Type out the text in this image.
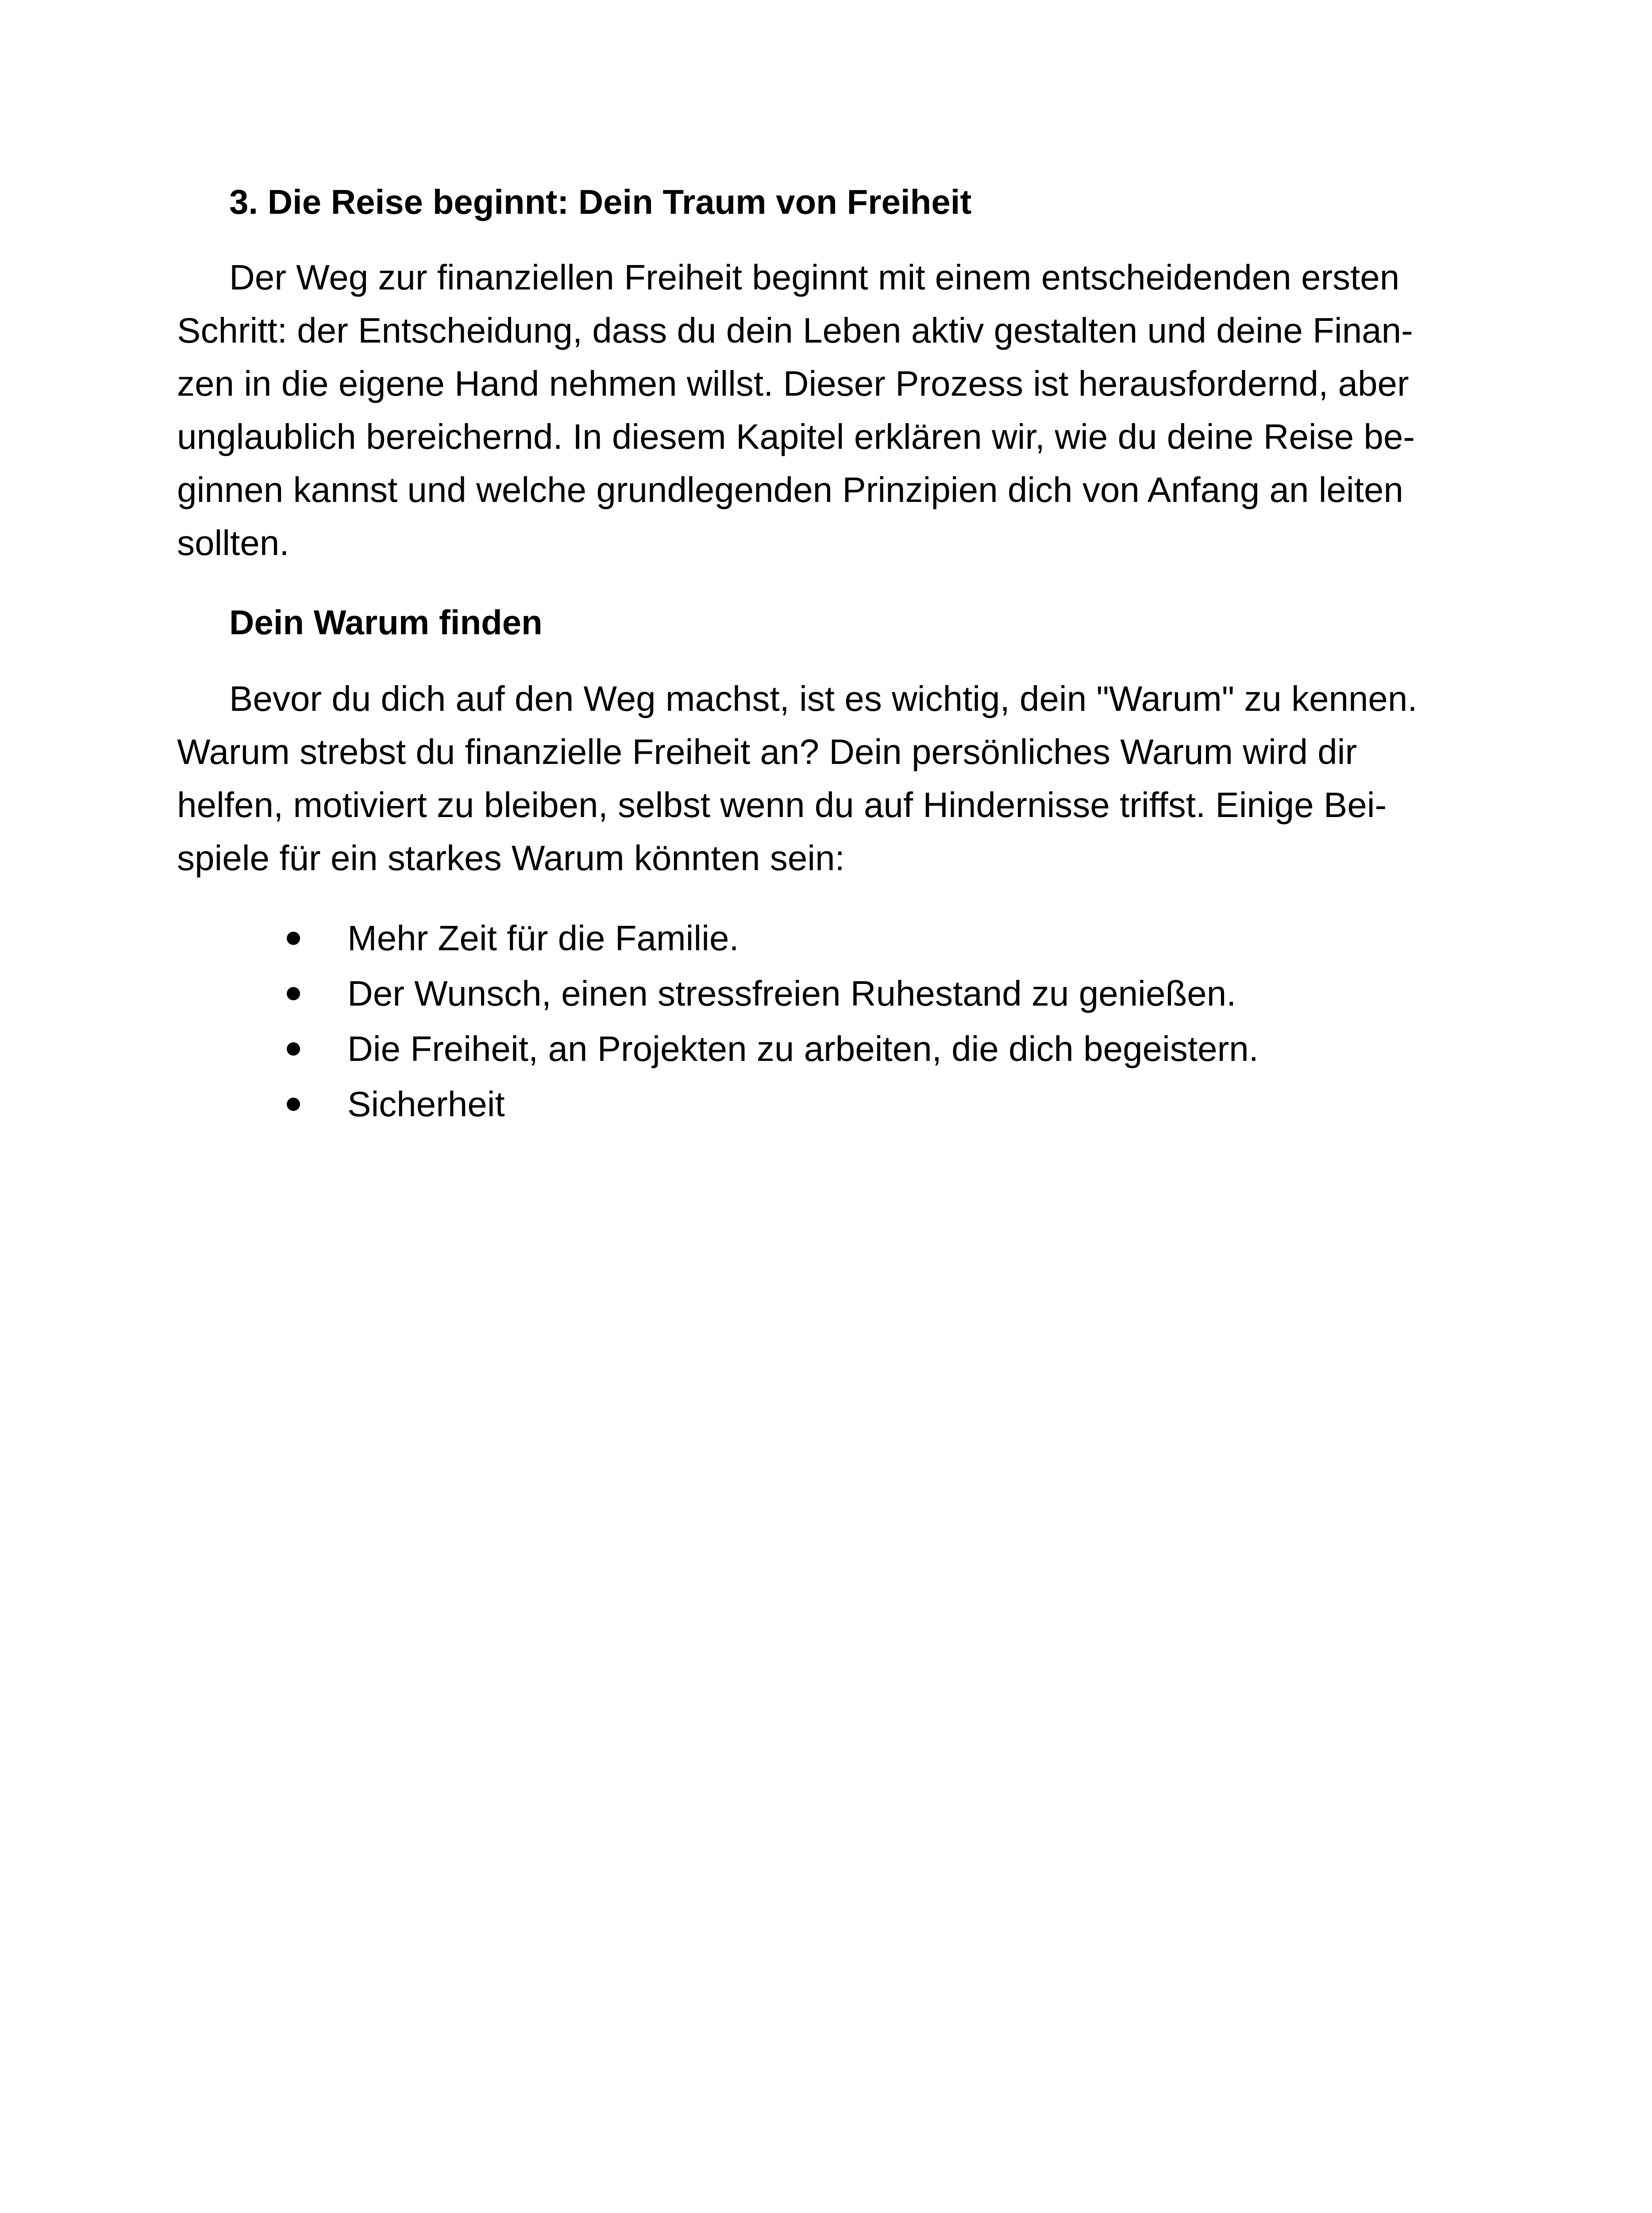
3. Die Reise beginnt: Dein Traum von Freiheit

Der Weg zur finanziellen Freiheit beginnt mit einem entscheidenden ersten
Schritt: der Entscheidung, dass du dein Leben aktiv gestalten und deine Finan-
zen in die eigene Hand nehmen willst. Dieser Prozess ist herausfordernd, aber
unglaublich bereichernd. In diesem Kapitel erklären wir, wie du deine Reise be-
ginnen kannst und welche grundlegenden Prinzipien dich von Anfang an leiten
sollten.

Dein Warum finden

Bevor du dich auf den Weg machst, ist es wichtig, dein "Warum" zu kennen.
Warum strebst du finanzielle Freiheit an? Dein persönliches Warum wird dir
helfen, motiviert zu bleiben, selbst wenn du auf Hindernisse triffst. Einige Bei-
spiele für ein starkes Warum könnten sein:

Mehr Zeit für die Familie.
Der Wunsch, einen stressfreien Ruhestand zu genießen.
Die Freiheit, an Projekten zu arbeiten, die dich begeistern.
Sicherheit
